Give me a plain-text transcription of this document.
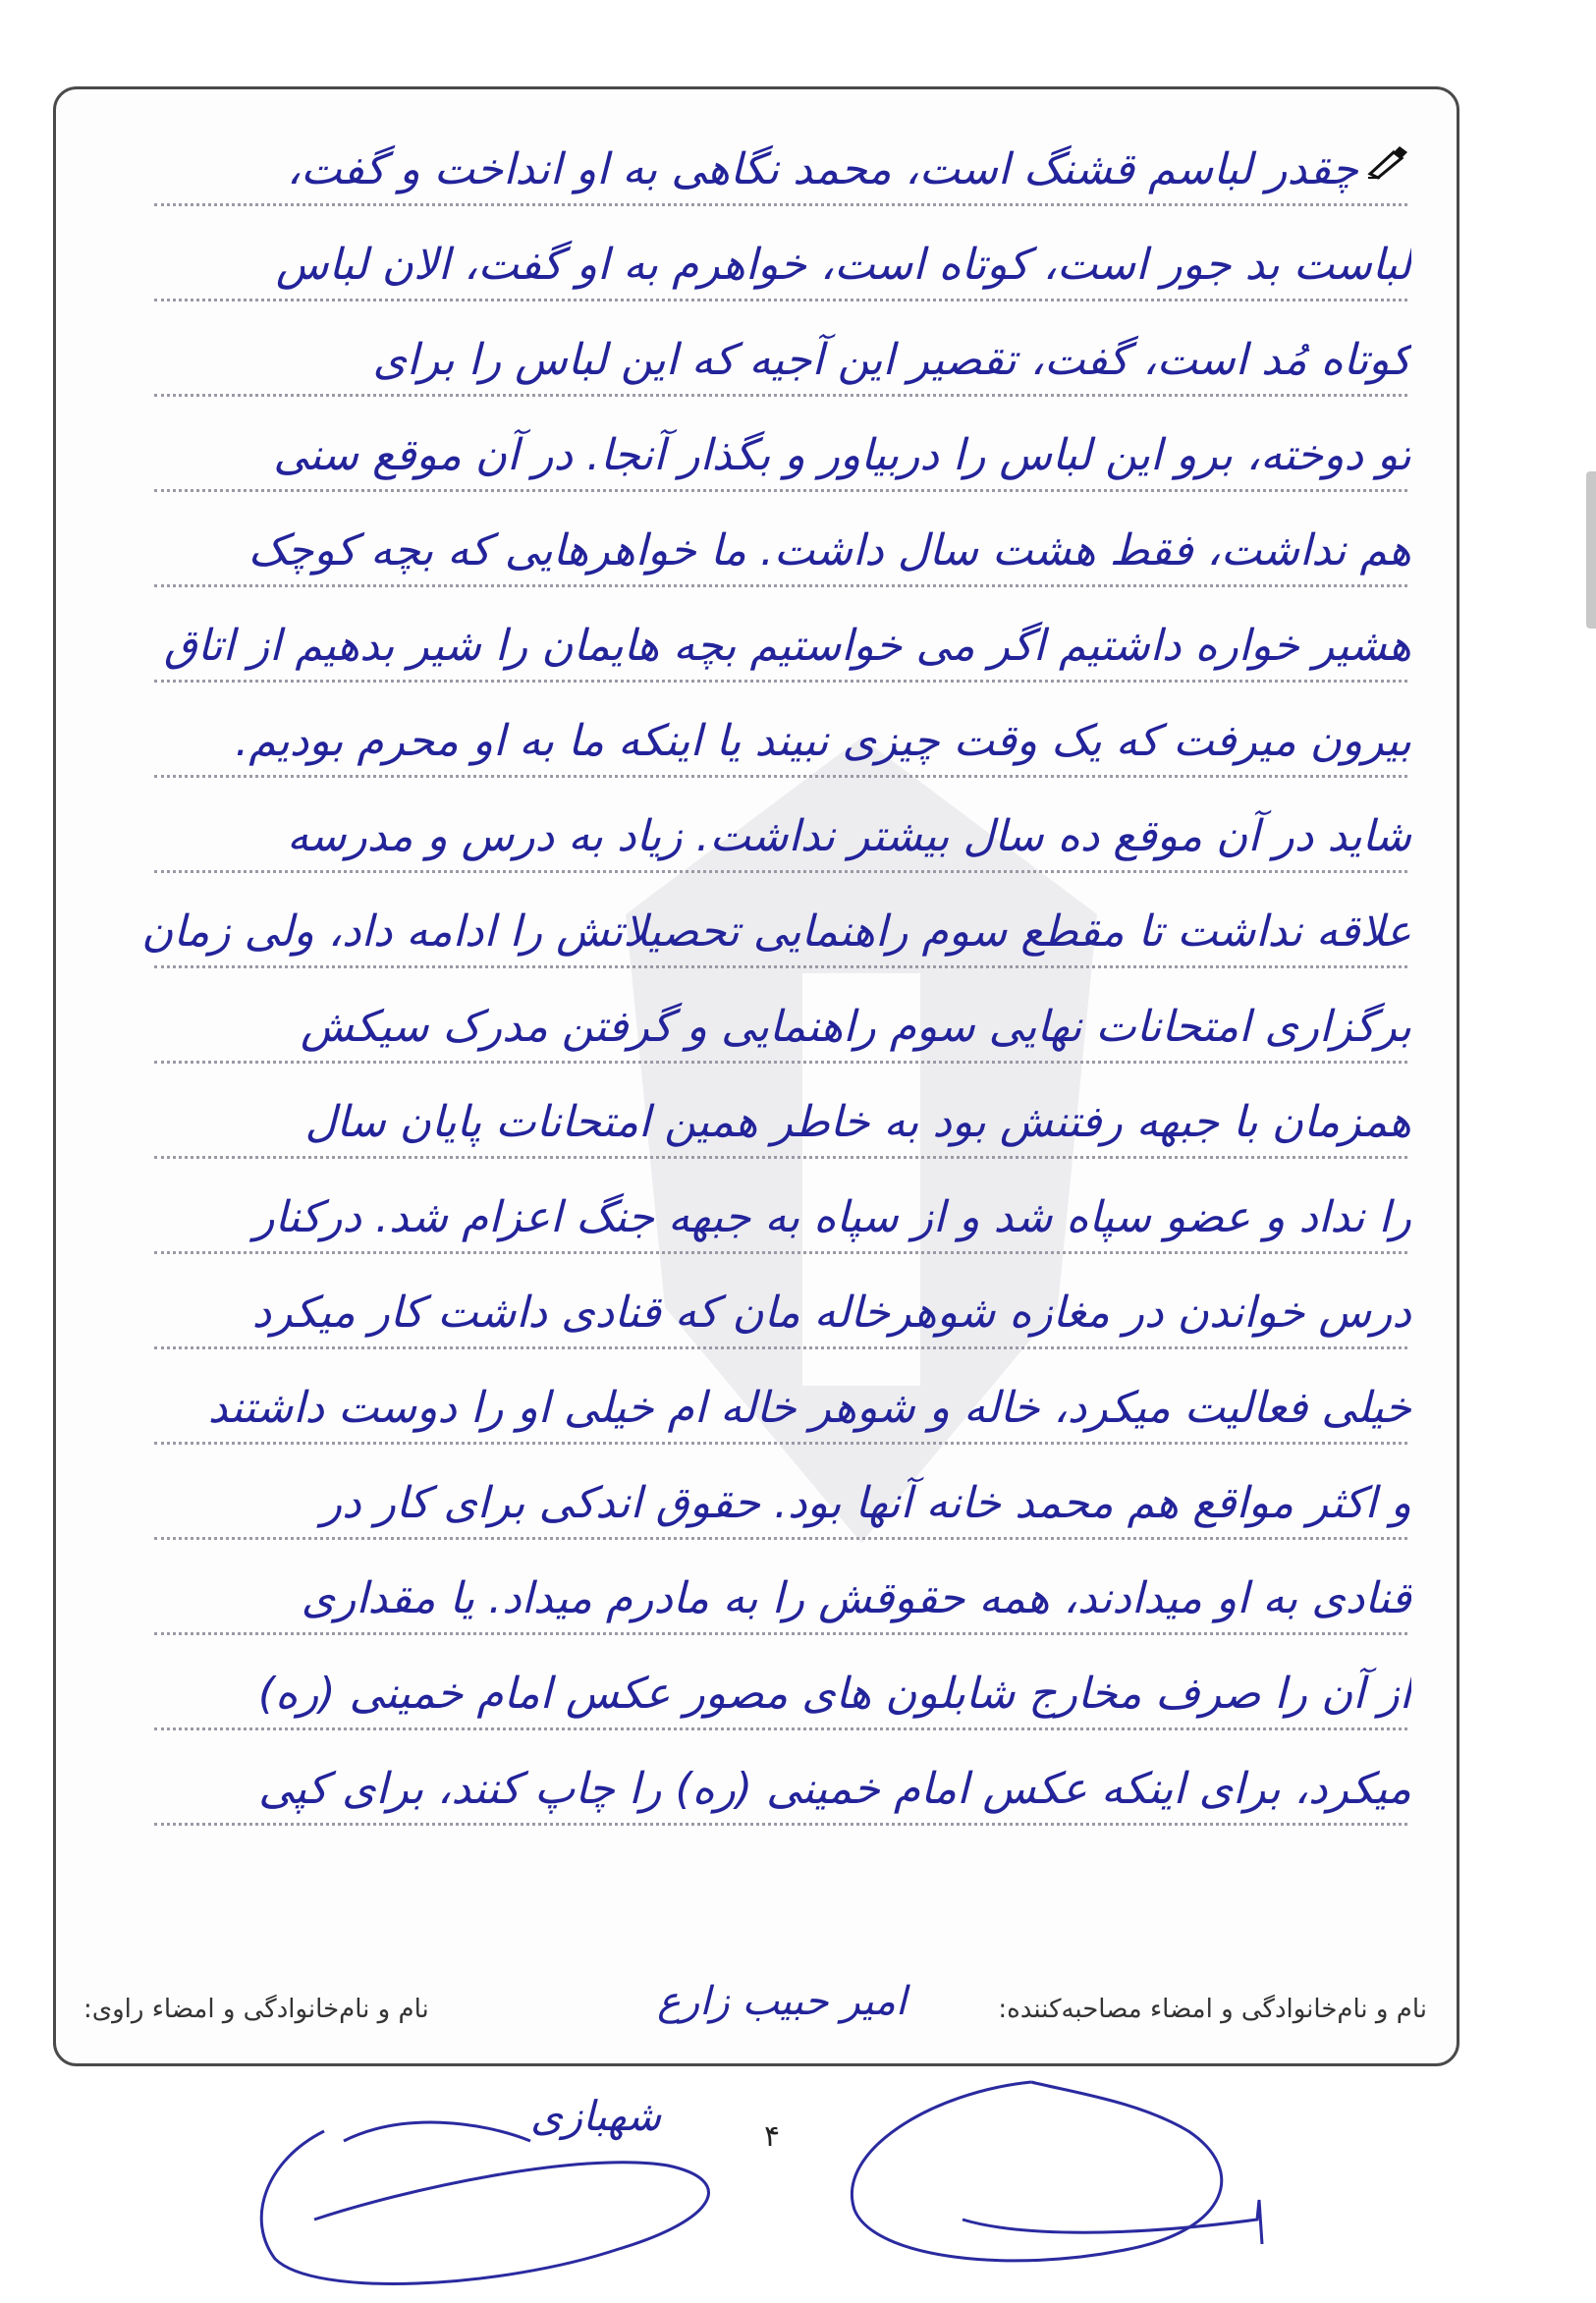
چقدر لباسم قشنگ است، محمد نگاهی به او انداخت و گفت،
لباست بد جور است، کوتاه است، خواهرم به او گفت، الان لباس
کوتاه مُد است، گفت، تقصیر این آجیه که این لباس را برای
تو دوخته، برو این لباس را دربیاور و بگذار آنجا. در آن موقع سنی
هم نداشت، فقط هشت سال داشت. ما خواهرهایی که بچه کوچک
هشیر خواره داشتیم اگر می خواستیم بچه هایمان را شیر بدهیم از اتاق
بیرون میرفت که یک وقت چیزی نبیند یا اینکه ما به او محرم بودیم.
شاید در آن موقع ده سال بیشتر نداشت. زیاد به درس و مدرسه
علاقه نداشت تا مقطع سوم راهنمایی تحصیلاتش را ادامه داد، ولی زمان
برگزاری امتحانات نهایی سوم راهنمایی و گرفتن مدرک سیکش
همزمان با جبهه رفتنش بود به خاطر همین امتحانات پایان سال
را نداد و عضو سپاه شد و از سپاه به جبهه جنگ اعزام شد. درکنار
درس خواندن در مغازه شوهرخاله مان که قنادی داشت کار میکرد
خیلی فعالیت میکرد، خاله و شوهر خاله ام خیلی او را دوست داشتند
و اکثر مواقع هم محمد خانه آنها بود. حقوق اندکی برای کار در
قنادی به او میدادند، همه حقوقش را به مادرم میداد. یا مقداری
از آن را صرف مخارج شابلون های مصور عکس امام خمینی (ره)
میکرد، برای اینکه عکس امام خمینی (ره) را چاپ کنند، برای کپی
نام و نام‌خانوادگی و امضاء مصاحبه‌کننده:
امیر حبیب زارع
نام و نام‌خانوادگی و امضاء راوی:
شهبازی	۴
